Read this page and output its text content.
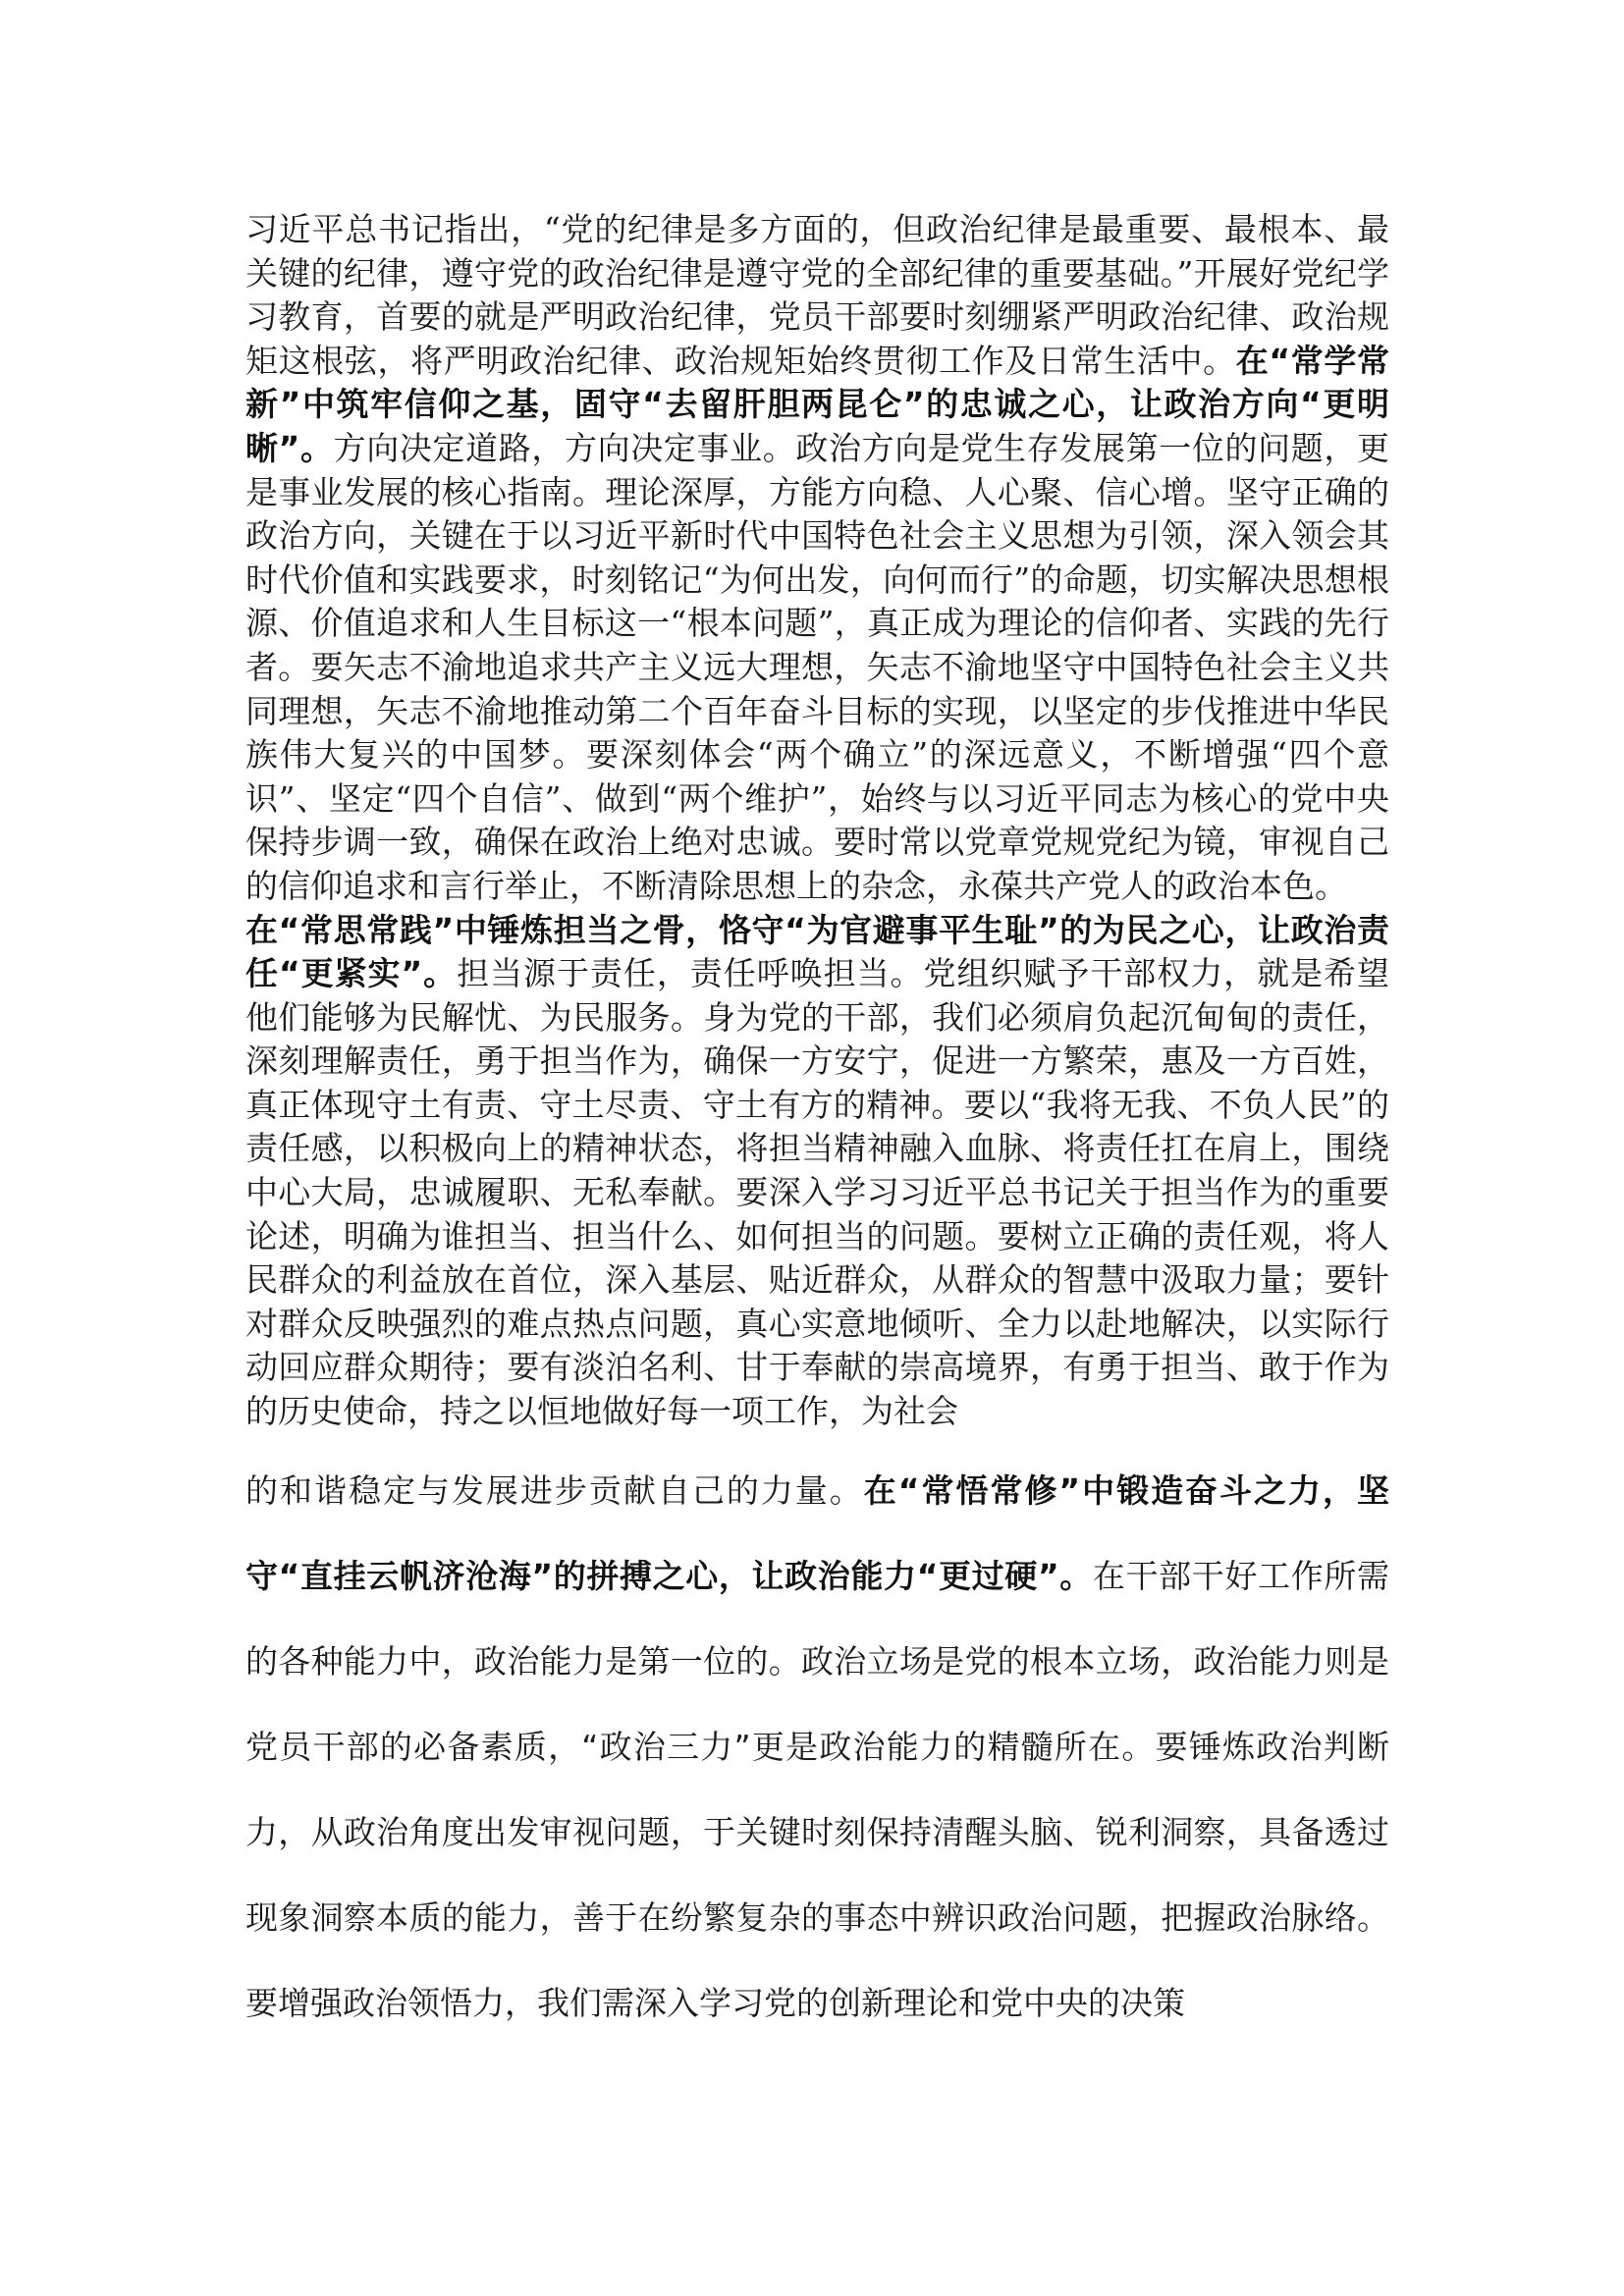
习近平总书记指出，“党的纪律是多方面的，但政治纪律是最重要、最根本、最关键的纪律，遵守党的政治纪律是遵守党的全部纪律的重要基础。”开展好党纪学习教育，首要的就是严明政治纪律，党员干部要时刻绷紧严明政治纪律、政治规矩这根弦，将严明政治纪律、政治规矩始终贯彻工作及日常生活中。在“常学常新”中筑牢信仰之基，固守“去留肝胆两昆仑”的忠诚之心，让政治方向“更明晰”。方向决定道路，方向决定事业。政治方向是党生存发展第一位的问题，更是事业发展的核心指南。理论深厚，方能方向稳、人心聚、信心增。坚守正确的政治方向，关键在于以习近平新时代中国特色社会主义思想为引领，深入领会其时代价值和实践要求，时刻铭记“为何出发，向何而行”的命题，切实解决思想根源、价值追求和人生目标这一“根本问题”，真正成为理论的信仰者、实践的先行者。要矢志不渝地追求共产主义远大理想，矢志不渝地坚守中国特色社会主义共同理想，矢志不渝地推动第二个百年奋斗目标的实现，以坚定的步伐推进中华民族伟大复兴的中国梦。要深刻体会“两个确立”的深远意义，不断增强“四个意识”、坚定“四个自信”、做到“两个维护”，始终与以习近平同志为核心的党中央保持步调一致，确保在政治上绝对忠诚。要时常以党章党规党纪为镜，审视自己的信仰追求和言行举止，不断清除思想上的杂念，永葆共产党人的政治本色。

在“常思常践”中锤炼担当之骨，恪守“为官避事平生耻”的为民之心，让政治责任“更紧实”。担当源于责任，责任呼唤担当。党组织赋予干部权力，就是希望他们能够为民解忧、为民服务。身为党的干部，我们必须肩负起沉甸甸的责任，深刻理解责任，勇于担当作为，确保一方安宁，促进一方繁荣，惠及一方百姓，真正体现守土有责、守土尽责、守土有方的精神。要以“我将无我、不负人民”的责任感，以积极向上的精神状态，将担当精神融入血脉、将责任扛在肩上，围绕中心大局，忠诚履职、无私奉献。要深入学习习近平总书记关于担当作为的重要论述，明确为谁担当、担当什么、如何担当的问题。要树立正确的责任观，将人民群众的利益放在首位，深入基层、贴近群众，从群众的智慧中汲取力量；要针对群众反映强烈的难点热点问题，真心实意地倾听、全力以赴地解决，以实际行动回应群众期待；要有淡泊名利、甘于奉献的崇高境界，有勇于担当、敢于作为的历史使命，持之以恒地做好每一项工作，为社会

的和谐稳定与发展进步贡献自己的力量。在“常悟常修”中锻造奋斗之力，坚守“直挂云帆济沧海”的拼搏之心，让政治能力“更过硬”。在干部干好工作所需的各种能力中，政治能力是第一位的。政治立场是党的根本立场，政治能力则是党员干部的必备素质，“政治三力”更是政治能力的精髓所在。要锤炼政治判断力，从政治角度出发审视问题，于关键时刻保持清醒头脑、锐利洞察，具备透过现象洞察本质的能力，善于在纷繁复杂的事态中辨识政治问题，把握政治脉络。要增强政治领悟力，我们需深入学习党的创新理论和党中央的决策
